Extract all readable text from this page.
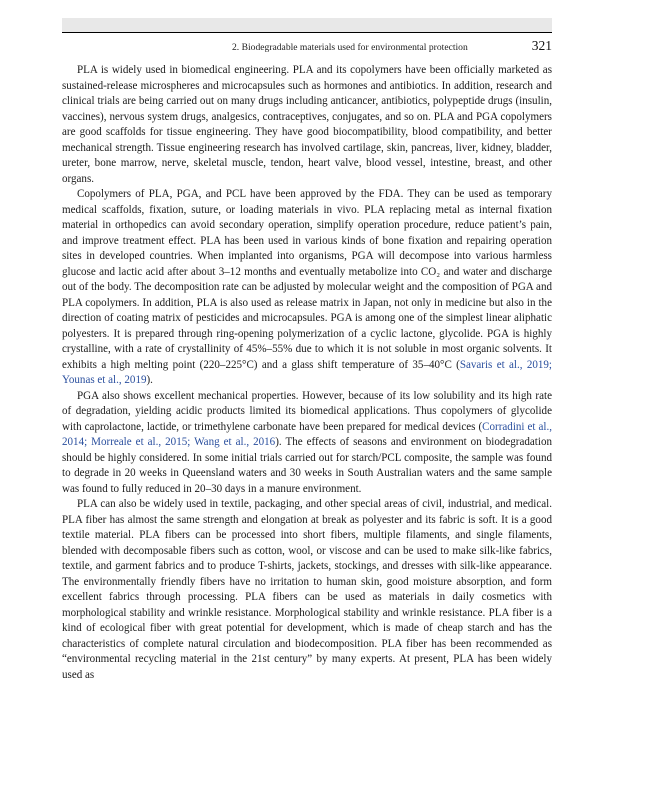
2. Biodegradable materials used for environmental protection	321

PLA is widely used in biomedical engineering. PLA and its copolymers have been officially marketed as sustained-release microspheres and microcapsules such as hormones and antibiotics. In addition, research and clinical trials are being carried out on many drugs including anticancer, antibiotics, polypeptide drugs (insulin, vaccines), nervous system drugs, analgesics, contraceptives, conjugates, and so on. PLA and PGA copolymers are good scaffolds for tissue engineering. They have good biocompatibility, blood compatibility, and better mechanical strength. Tissue engineering research has involved cartilage, skin, pancreas, liver, kidney, bladder, ureter, bone marrow, nerve, skeletal muscle, tendon, heart valve, blood vessel, intestine, breast, and other organs.

Copolymers of PLA, PGA, and PCL have been approved by the FDA. They can be used as temporary medical scaffolds, fixation, suture, or loading materials in vivo. PLA replacing metal as internal fixation material in orthopedics can avoid secondary operation, simplify operation procedure, reduce patient’s pain, and improve treatment effect. PLA has been used in various kinds of bone fixation and repairing operation sites in developed countries. When implanted into organisms, PGA will decompose into various harmless glucose and lactic acid after about 3–12 months and eventually metabolize into CO₂ and water and discharge out of the body. The decomposition rate can be adjusted by molecular weight and the composition of PGA and PLA copolymers. In addition, PLA is also used as release matrix in Japan, not only in medicine but also in the direction of coating matrix of pesticides and microcapsules. PGA is among one of the simplest linear aliphatic polyesters. It is prepared through ring-opening polymerization of a cyclic lactone, glycolide. PGA is highly crystalline, with a rate of crystallinity of 45%–55% due to which it is not soluble in most organic solvents. It exhibits a high melting point (220–225°C) and a glass shift temperature of 35–40°C (Savaris et al., 2019; Younas et al., 2019).

PGA also shows excellent mechanical properties. However, because of its low solubility and its high rate of degradation, yielding acidic products limited its biomedical applications. Thus copolymers of glycolide with caprolactone, lactide, or trimethylene carbonate have been prepared for medical devices (Corradini et al., 2014; Morreale et al., 2015; Wang et al., 2016). The effects of seasons and environment on biodegradation should be highly considered. In some initial trials carried out for starch/PCL composite, the sample was found to degrade in 20 weeks in Queensland waters and 30 weeks in South Australian waters and the same sample was found to fully reduced in 20–30 days in a manure environment.

PLA can also be widely used in textile, packaging, and other special areas of civil, industrial, and medical. PLA fiber has almost the same strength and elongation at break as polyester and its fabric is soft. It is a good textile material. PLA fibers can be processed into short fibers, multiple filaments, and single filaments, blended with decomposable fibers such as cotton, wool, or viscose and can be used to make silk-like fabrics, textile, and garment fabrics and to produce T-shirts, jackets, stockings, and dresses with silk-like appearance. The environmentally friendly fibers have no irritation to human skin, good moisture absorption, and form excellent fabrics through processing. PLA fibers can be used as materials in daily cosmetics with morphological stability and wrinkle resistance. Morphological stability and wrinkle resistance. PLA fiber is a kind of ecological fiber with great potential for development, which is made of cheap starch and has the characteristics of complete natural circulation and biodecomposition. PLA fiber has been recommended as “environmental recycling material in the 21st century” by many experts. At present, PLA has been widely used as
